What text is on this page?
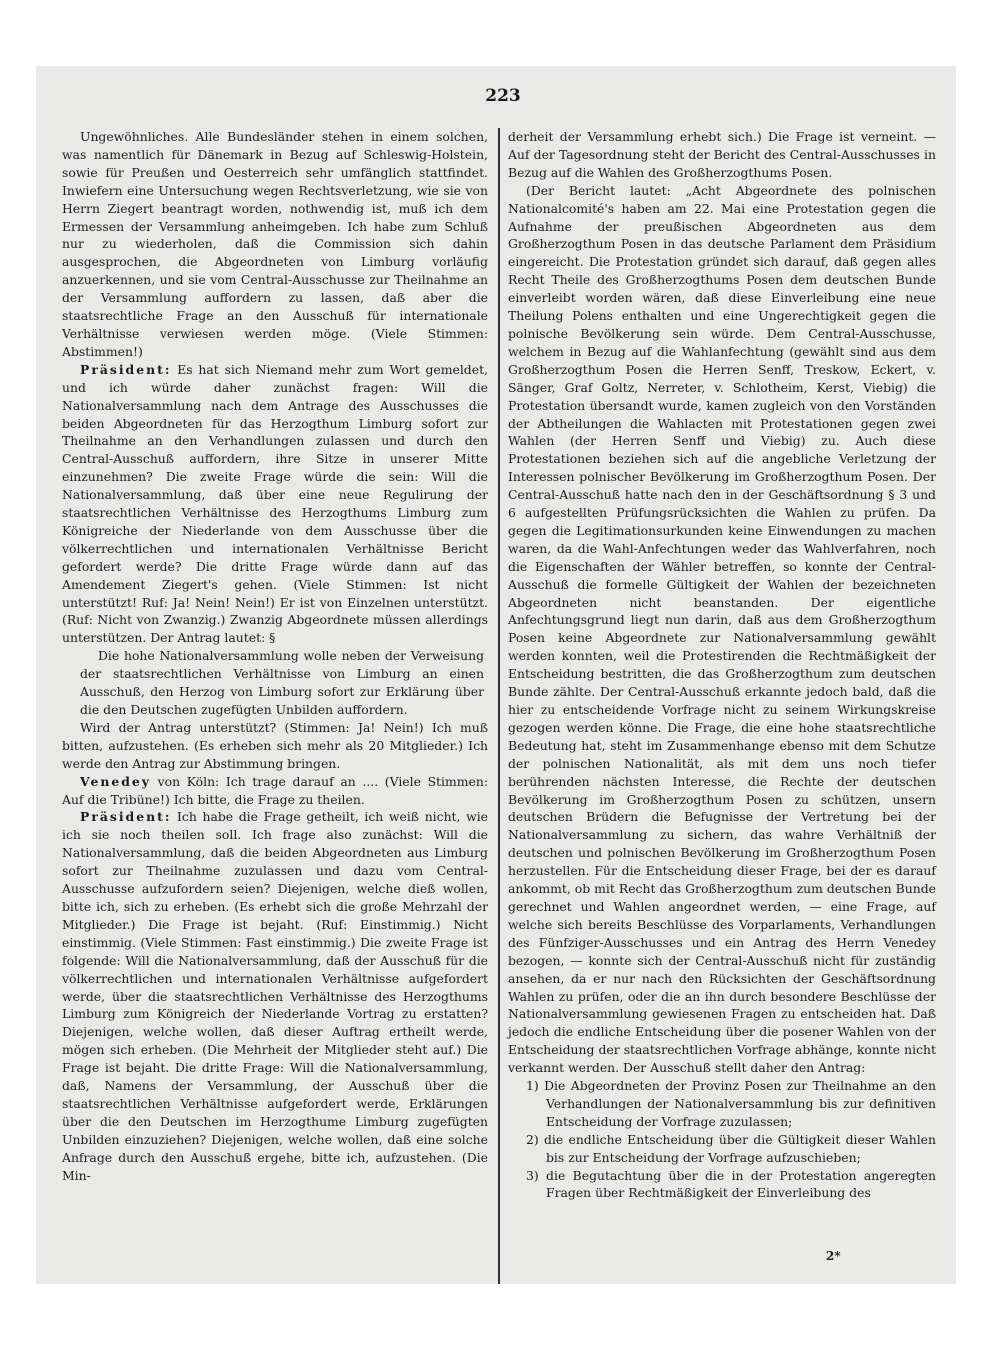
223

Ungewöhnliches. Alle Bundesländer stehen in einem solchen, was namentlich für Dänemark in Bezug auf Schleswig-Holstein, sowie für Preußen und Oesterreich sehr umfänglich stattfindet. Inwiefern eine Untersuchung wegen Rechtsverletzung, wie sie von Herrn Ziegert beantragt worden, nothwendig ist, muß ich dem Ermessen der Versammlung anheimgeben. Ich habe zum Schluß nur zu wiederholen, daß die Commission sich dahin ausgesprochen, die Abgeordneten von Limburg vorläufig anzuerkennen, und sie vom Central-Ausschusse zur Theilnahme an der Versammlung auffordern zu lassen, daß aber die staatsrechtliche Frage an den Ausschuß für internationale Verhältnisse verwiesen werden möge. (Viele Stimmen: Abstimmen!)

Präsident: Es hat sich Niemand mehr zum Wort gemeldet, und ich würde daher zunächst fragen: Will die Nationalversammlung nach dem Antrage des Ausschusses die beiden Abgeordneten für das Herzogthum Limburg sofort zur Theilnahme an den Verhandlungen zulassen und durch den Central-Ausschuß auffordern, ihre Sitze in unserer Mitte einzunehmen? Die zweite Frage würde die sein: Will die Nationalversammlung, daß über eine neue Regulirung der staatsrechtlichen Verhältnisse des Herzogthums Limburg zum Königreiche der Niederlande von dem Ausschusse über die völkerrechtlichen und internationalen Verhältnisse Bericht gefordert werde? Die dritte Frage würde dann auf das Amendement Ziegert's gehen. (Viele Stimmen: Ist nicht unterstützt! Ruf: Ja! Nein! Nein!) Er ist von Einzelnen unterstützt. (Ruf: Nicht von Zwanzig.) Zwanzig Abgeordnete müssen allerdings unterstützen. Der Antrag lautet: §

Die hohe Nationalversammlung wolle neben der Verweisung der staatsrechtlichen Verhältnisse von Limburg an einen Ausschuß, den Herzog von Limburg sofort zur Erklärung über die den Deutschen zugefügten Unbilden auffordern.

Wird der Antrag unterstützt? (Stimmen: Ja! Nein!) Ich muß bitten, aufzustehen. (Es erheben sich mehr als 20 Mitglieder.) Ich werde den Antrag zur Abstimmung bringen.

Venedey von Köln: Ich trage darauf an .... (Viele Stimmen: Auf die Tribüne!) Ich bitte, die Frage zu theilen.

Präsident: Ich habe die Frage getheilt, ich weiß nicht, wie ich sie noch theilen soll. Ich frage also zunächst: Will die Nationalversammlung, daß die beiden Abgeordneten aus Limburg sofort zur Theilnahme zuzulassen und dazu vom Central-Ausschusse aufzufordern seien? Diejenigen, welche dieß wollen, bitte ich, sich zu erheben. (Es erhebt sich die große Mehrzahl der Mitglieder.) Die Frage ist bejaht. (Ruf: Einstimmig.) Nicht einstimmig. (Viele Stimmen: Fast einstimmig.) Die zweite Frage ist folgende: Will die Nationalversammlung, daß der Ausschuß für die völkerrechtlichen und internationalen Verhältnisse aufgefordert werde, über die staatsrechtlichen Verhältnisse des Herzogthums Limburg zum Königreich der Niederlande Vortrag zu erstatten? Diejenigen, welche wollen, daß dieser Auftrag ertheilt werde, mögen sich erheben. (Die Mehrheit der Mitglieder steht auf.) Die Frage ist bejaht. Die dritte Frage: Will die Nationalversammlung, daß, Namens der Versammlung, der Ausschuß über die staatsrechtlichen Verhältnisse aufgefordert werde, Erklärungen über die den Deutschen im Herzogthume Limburg zugefügten Unbilden einzuziehen? Diejenigen, welche wollen, daß eine solche Anfrage durch den Ausschuß ergehe, bitte ich, aufzustehen. (Die Min-

derheit der Versammlung erhebt sich.) Die Frage ist verneint. — Auf der Tagesordnung steht der Bericht des Central-Ausschusses in Bezug auf die Wahlen des Großherzogthums Posen.

(Der Bericht lautet: „Acht Abgeordnete des polnischen Nationalcomité's haben am 22. Mai eine Protestation gegen die Aufnahme der preußischen Abgeordneten aus dem Großherzogthum Posen in das deutsche Parlament dem Präsidium eingereicht. Die Protestation gründet sich darauf, daß gegen alles Recht Theile des Großherzogthums Posen dem deutschen Bunde einverleibt worden wären, daß diese Einverleibung eine neue Theilung Polens enthalten und eine Ungerechtigkeit gegen die polnische Bevölkerung sein würde. Dem Central-Ausschusse, welchem in Bezug auf die Wahlanfechtung (gewählt sind aus dem Großherzogthum Posen die Herren Senff, Treskow, Eckert, v. Sänger, Graf Goltz, Nerreter, v. Schlotheim, Kerst, Viebig) die Protestation übersandt wurde, kamen zugleich von den Vorständen der Abtheilungen die Wahlacten mit Protestationen gegen zwei Wahlen (der Herren Senff und Viebig) zu. Auch diese Protestationen beziehen sich auf die angebliche Verletzung der Interessen polnischer Bevölkerung im Großherzogthum Posen. Der Central-Ausschuß hatte nach den in der Geschäftsordnung § 3 und 6 aufgestellten Prüfungsrücksichten die Wahlen zu prüfen. Da gegen die Legitimationsurkunden keine Einwendungen zu machen waren, da die Wahl-Anfechtungen weder das Wahlverfahren, noch die Eigenschaften der Wähler betreffen, so konnte der Central-Ausschuß die formelle Gültigkeit der Wahlen der bezeichneten Abgeordneten nicht beanstanden. Der eigentliche Anfechtungsgrund liegt nun darin, daß aus dem Großherzogthum Posen keine Abgeordnete zur Nationalversammlung gewählt werden konnten, weil die Protestirenden die Rechtmäßigkeit der Entscheidung bestritten, die das Großherzogthum zum deutschen Bunde zählte. Der Central-Ausschuß erkannte jedoch bald, daß die hier zu entscheidende Vorfrage nicht zu seinem Wirkungskreise gezogen werden könne. Die Frage, die eine hohe staatsrechtliche Bedeutung hat, steht im Zusammenhange ebenso mit dem Schutze der polnischen Nationalität, als mit dem uns noch tiefer berührenden nächsten Interesse, die Rechte der deutschen Bevölkerung im Großherzogthum Posen zu schützen, unsern deutschen Brüdern die Befugnisse der Vertretung bei der Nationalversammlung zu sichern, das wahre Verhältniß der deutschen und polnischen Bevölkerung im Großherzogthum Posen herzustellen. Für die Entscheidung dieser Frage, bei der es darauf ankommt, ob mit Recht das Großherzogthum zum deutschen Bunde gerechnet und Wahlen angeordnet werden, — eine Frage, auf welche sich bereits Beschlüsse des Vorparlaments, Verhandlungen des Fünfziger-Ausschusses und ein Antrag des Herrn Venedey bezogen, — konnte sich der Central-Ausschuß nicht für zuständig ansehen, da er nur nach den Rücksichten der Geschäftsordnung Wahlen zu prüfen, oder die an ihn durch besondere Beschlüsse der Nationalversammlung gewiesenen Fragen zu entscheiden hat. Daß jedoch die endliche Entscheidung über die posener Wahlen von der Entscheidung der staatsrechtlichen Vorfrage abhänge, konnte nicht verkannt werden. Der Ausschuß stellt daher den Antrag:

1) Die Abgeordneten der Provinz Posen zur Theilnahme an den Verhandlungen der Nationalversammlung bis zur definitiven Entscheidung der Vorfrage zuzulassen;

2) die endliche Entscheidung über die Gültigkeit dieser Wahlen bis zur Entscheidung der Vorfrage aufzuschieben;

3) die Begutachtung über die in der Protestation angeregten Fragen über Rechtmäßigkeit der Einverleibung des

2*
